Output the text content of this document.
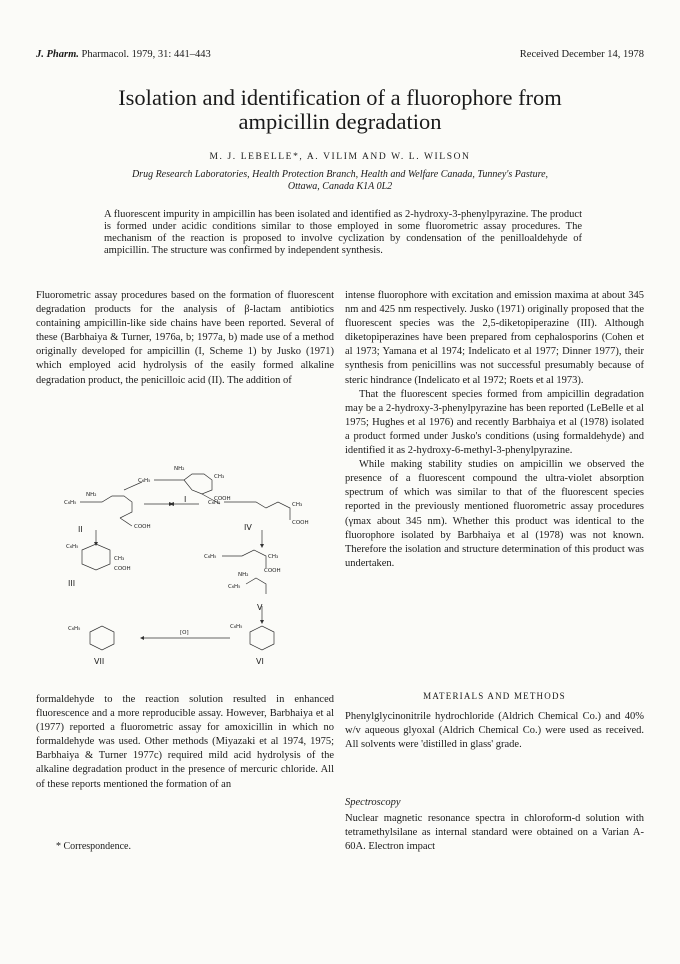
J. Pharm. Pharmacol. 1979, 31: 441–443	Received December 14, 1978
Isolation and identification of a fluorophore from
ampicillin degradation
M. J. LEBELLE*, A. VILIM AND W. L. WILSON
Drug Research Laboratories, Health Protection Branch, Health and Welfare Canada, Tunney's Pasture,
Ottawa, Canada K1A 0L2
A fluorescent impurity in ampicillin has been isolated and identified as 2-hydroxy-3-phenylpyrazine. The product is formed under acidic conditions similar to those employed in some fluorometric assay procedures. The mechanism of the reaction is proposed to involve cyclization by condensation of the penilloaldehyde of ampicillin. The structure was confirmed by independent synthesis.

Fluorometric assay procedures based on the formation of fluorescent degradation products for the analysis of β-lactam antibiotics containing ampicillin-like side chains have been reported. Several of these (Barbhaiya & Turner, 1976a, b; 1977a, b) made use of a method originally developed for ampicillin (I, Scheme 1) by Jusko (1971) which employed acid hydrolysis of the easily formed alkaline degradation product, the penicilloic acid (II). The addition of

C₆H₅
NH₂
CH₃
COOH
C₆H₅
NH₂
COOH
C₆H₅	CH₃
COOH
C₆H₅
CH₃
COOH
C₆H₅	CH₃
COOH
NH₂
C₆H₅
C₆H₅	C₆H₅
[O]
I
II	IV
III
V
VII	VI

formaldehyde to the reaction solution resulted in enhanced fluorescence and a more reproducible assay. However, Barbhaiya et al (1977) reported a fluorometric assay for amoxicillin in which no formaldehyde was used. Other methods (Miyazaki et al 1974, 1975; Barbhaiya & Turner 1977c) required mild acid hydrolysis of the alkaline degradation product in the presence of mercuric chloride. All of these reports mentioned the formation of an

* Correspondence.

intense fluorophore with excitation and emission maxima at about 345 nm and 425 nm respectively. Jusko (1971) originally proposed that the fluorescent species was the 2,5-diketopiperazine (III). Although diketopiperazines have been prepared from cephalosporins (Cohen et al 1973; Yamana et al 1974; Indelicato et al 1977; Dinner 1977), their synthesis from penicillins was not successful presumably because of steric hindrance (Indelicato et al 1972; Roets et al 1973).

That the fluorescent species formed from ampicillin degradation may be a 2-hydroxy-3-phenylpyrazine has been reported (LeBelle et al 1975; Hughes et al 1976) and recently Barbhaiya et al (1978) isolated a product formed under Jusko's conditions (using formaldehyde) and identified it as 2-hydroxy-6-methyl-3-phenylpyrazine.

While making stability studies on ampicillin we observed the presence of a fluorescent compound the ultra-violet absorption spectrum of which was similar to that of the fluorescent species reported in the previously mentioned fluorometric assay procedures (γmax about 345 nm). Whether this product was identical to the fluorophore isolated by Barbhaiya et al (1978) was not known. Therefore the isolation and structure determination of this product was undertaken.

MATERIALS AND METHODS

Phenylglycinonitrile hydrochloride (Aldrich Chemical Co.) and 40% w/v aqueous glyoxal (Aldrich Chemical Co.) were used as received. All solvents were 'distilled in glass' grade.

Spectroscopy

Nuclear magnetic resonance spectra in chloroform-d solution with tetramethylsilane as internal standard were obtained on a Varian A-60A. Electron impact
